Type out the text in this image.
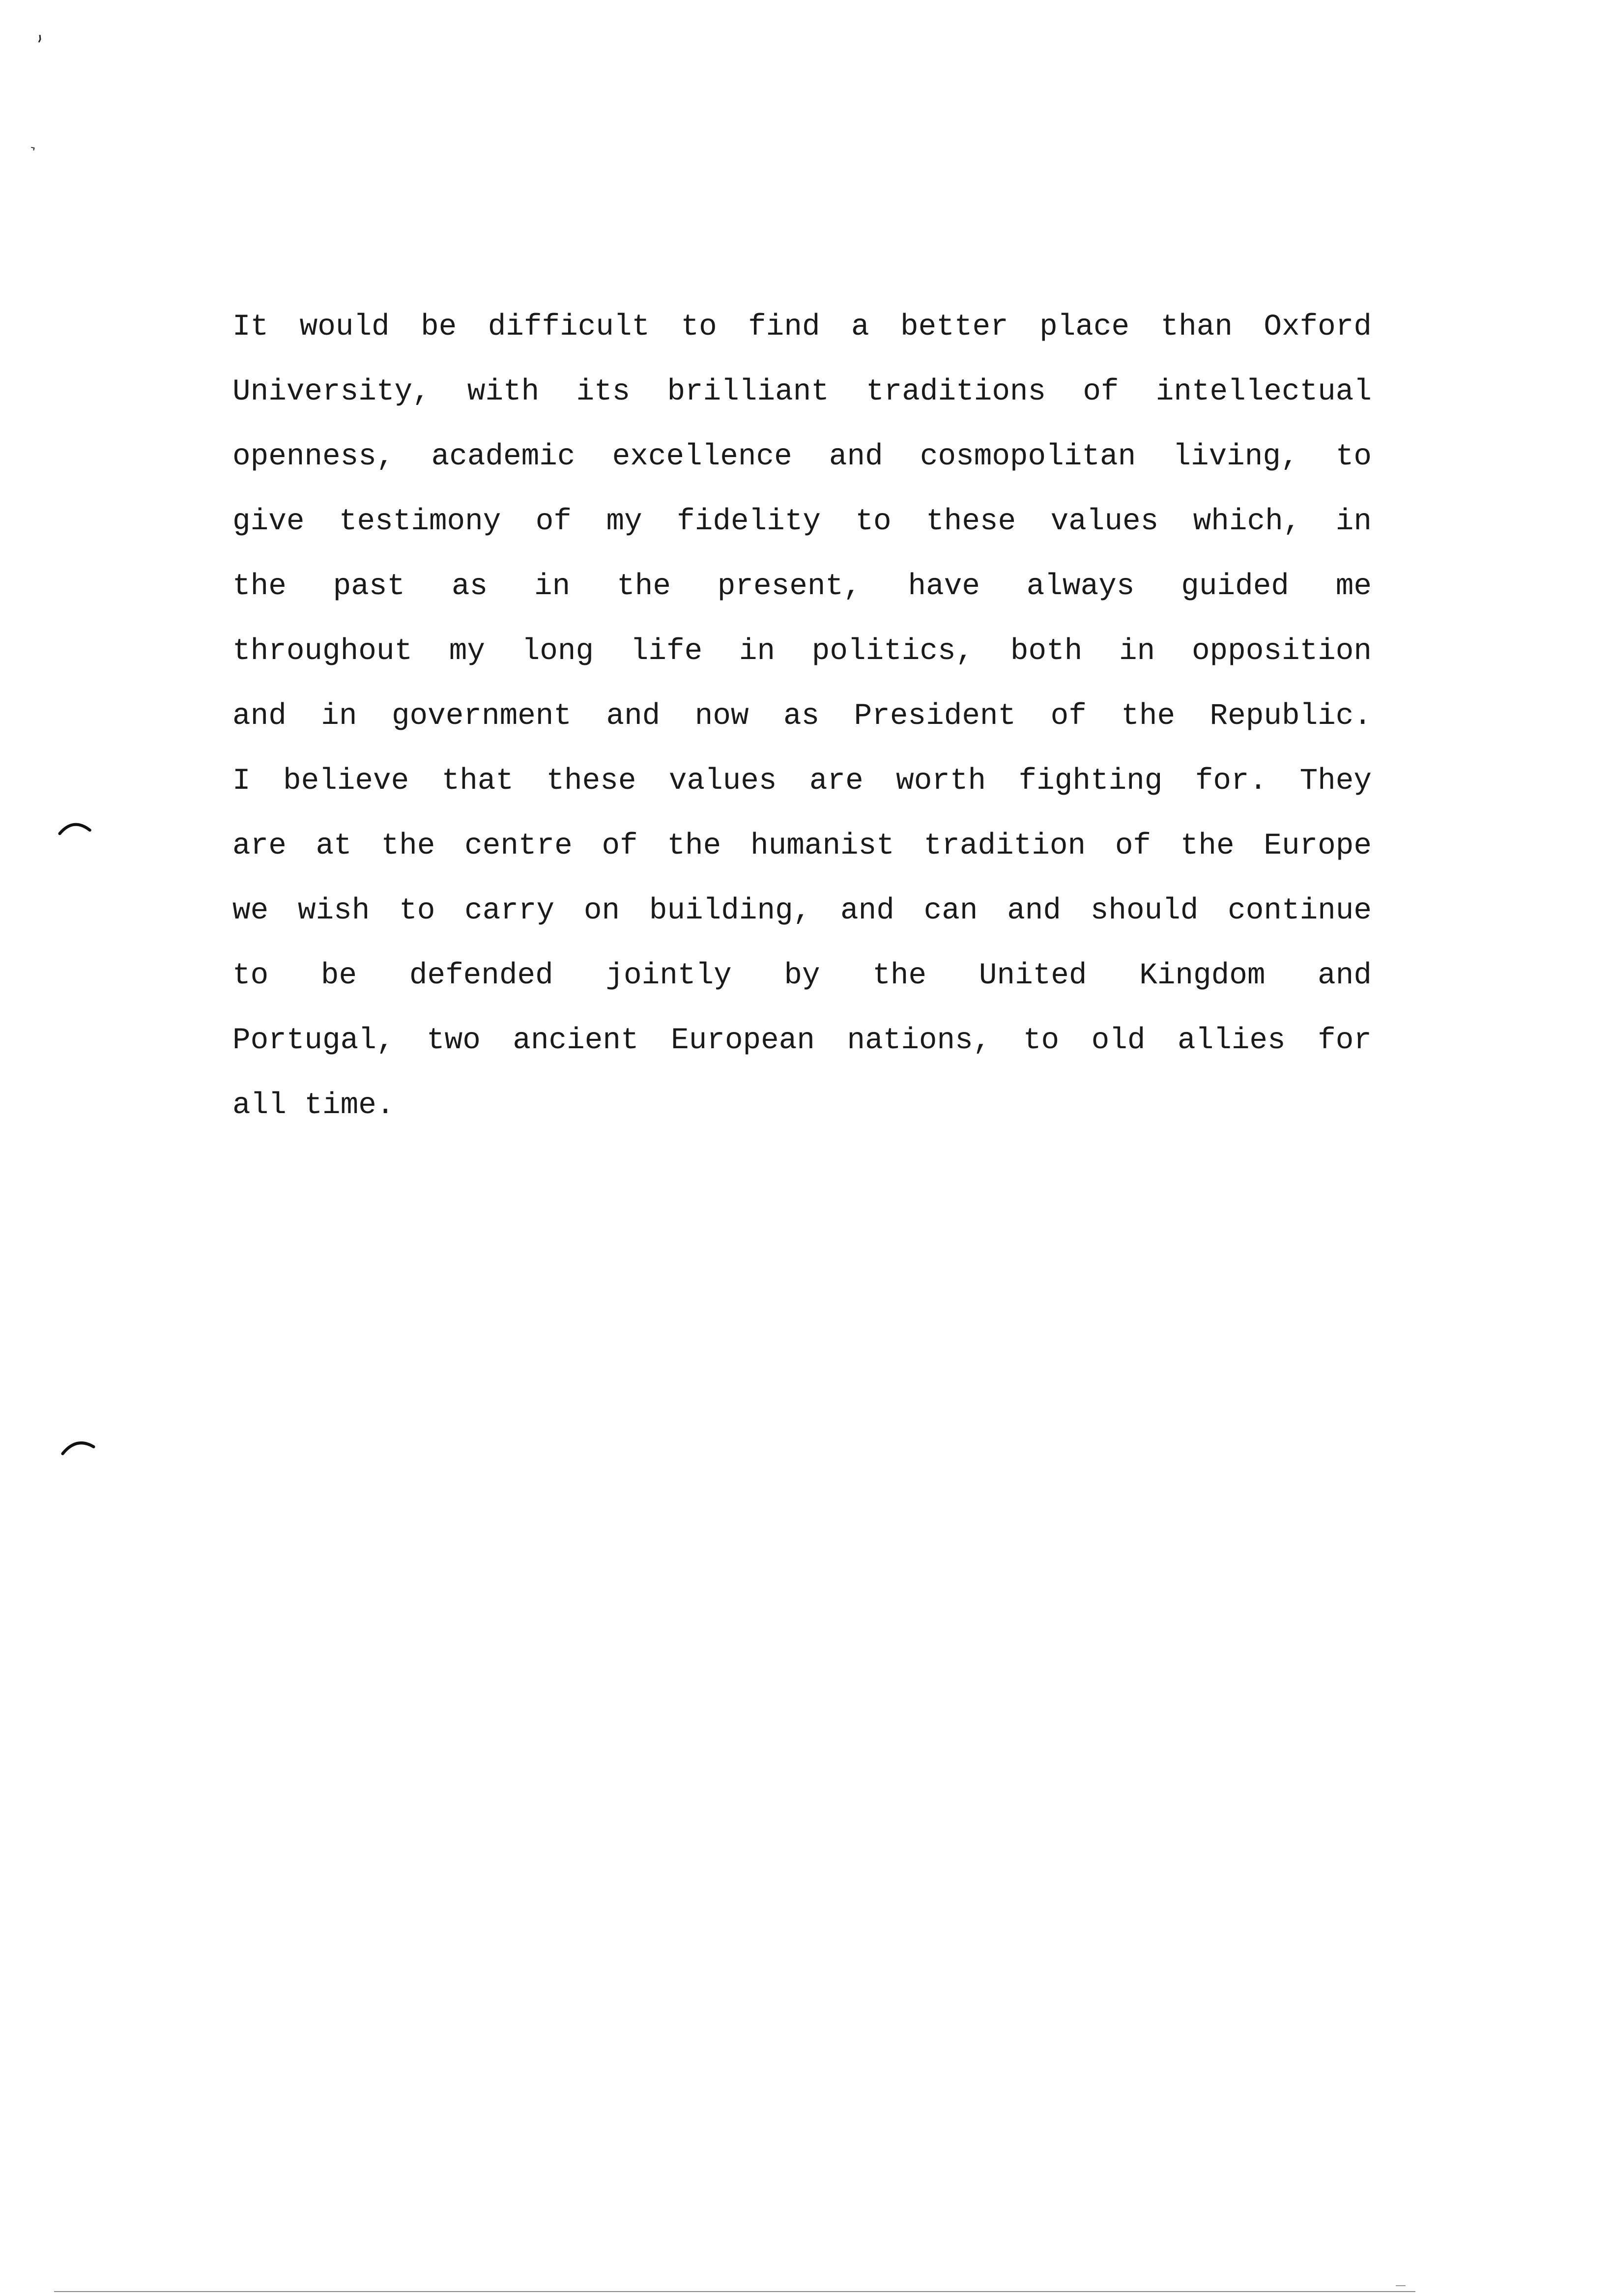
It would be difficult to find a better place than Oxford
University, with its brilliant traditions of intellectual
openness, academic excellence and cosmopolitan living, to
give testimony of my fidelity to these values which, in
the past as in the present, have always guided me
throughout my long life in politics, both in opposition
and in government and now as President of the Republic.
I believe that these values are worth fighting for. They
are at the centre of the humanist tradition of the Europe
we wish to carry on building, and can and should continue
to be defended jointly by the United Kingdom and
Portugal, two ancient European nations, to old allies for
all time.
